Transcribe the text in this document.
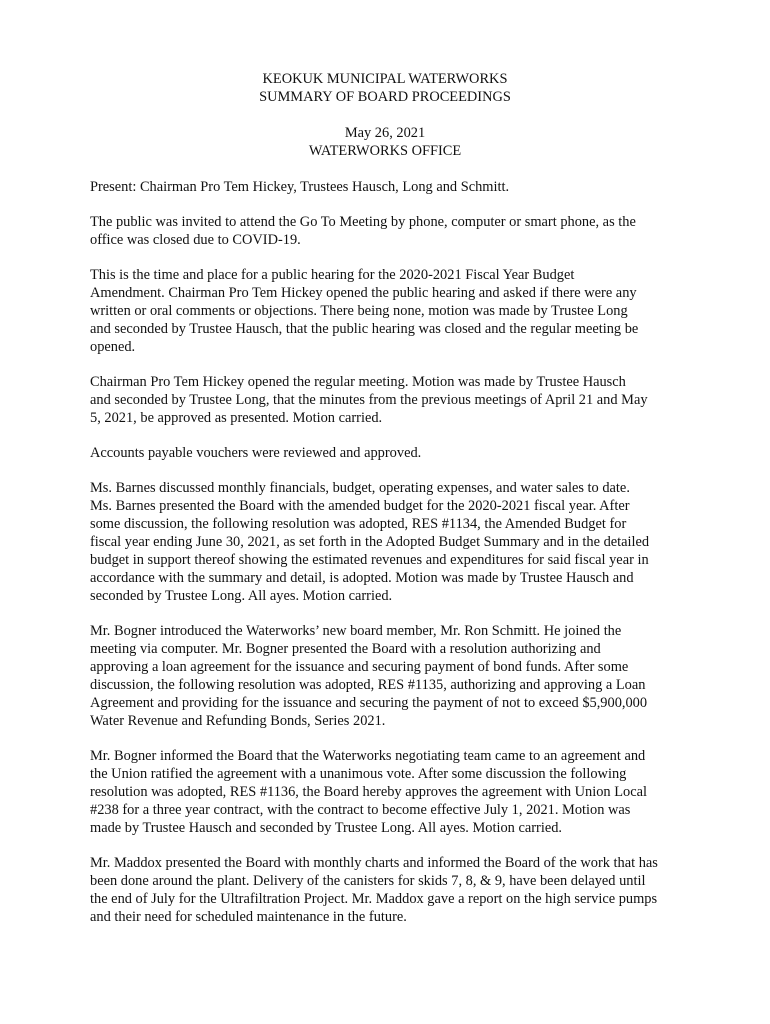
KEOKUK MUNICIPAL WATERWORKS
SUMMARY OF BOARD PROCEEDINGS
May 26, 2021
WATERWORKS OFFICE

Present: Chairman Pro Tem Hickey, Trustees Hausch, Long and Schmitt.

The public was invited to attend the Go To Meeting by phone, computer or smart phone, as the
office was closed due to COVID-19.

This is the time and place for a public hearing for the 2020-2021 Fiscal Year Budget
Amendment. Chairman Pro Tem Hickey opened the public hearing and asked if there were any
written or oral comments or objections. There being none, motion was made by Trustee Long
and seconded by Trustee Hausch, that the public hearing was closed and the regular meeting be
opened.

Chairman Pro Tem Hickey opened the regular meeting. Motion was made by Trustee Hausch
and seconded by Trustee Long, that the minutes from the previous meetings of April 21 and May
5, 2021, be approved as presented. Motion carried.

Accounts payable vouchers were reviewed and approved.

Ms. Barnes discussed monthly financials, budget, operating expenses, and water sales to date.
Ms. Barnes presented the Board with the amended budget for the 2020-2021 fiscal year. After
some discussion, the following resolution was adopted, RES #1134, the Amended Budget for
fiscal year ending June 30, 2021, as set forth in the Adopted Budget Summary and in the detailed
budget in support thereof showing the estimated revenues and expenditures for said fiscal year in
accordance with the summary and detail, is adopted. Motion was made by Trustee Hausch and
seconded by Trustee Long. All ayes. Motion carried.

Mr. Bogner introduced the Waterworks’ new board member, Mr. Ron Schmitt. He joined the
meeting via computer. Mr. Bogner presented the Board with a resolution authorizing and
approving a loan agreement for the issuance and securing payment of bond funds. After some
discussion, the following resolution was adopted, RES #1135, authorizing and approving a Loan
Agreement and providing for the issuance and securing the payment of not to exceed $5,900,000
Water Revenue and Refunding Bonds, Series 2021.

Mr. Bogner informed the Board that the Waterworks negotiating team came to an agreement and
the Union ratified the agreement with a unanimous vote. After some discussion the following
resolution was adopted, RES #1136, the Board hereby approves the agreement with Union Local
#238 for a three year contract, with the contract to become effective July 1, 2021. Motion was
made by Trustee Hausch and seconded by Trustee Long. All ayes. Motion carried.

Mr. Maddox presented the Board with monthly charts and informed the Board of the work that has
been done around the plant. Delivery of the canisters for skids 7, 8, & 9, have been delayed until
the end of July for the Ultrafiltration Project. Mr. Maddox gave a report on the high service pumps
and their need for scheduled maintenance in the future.
